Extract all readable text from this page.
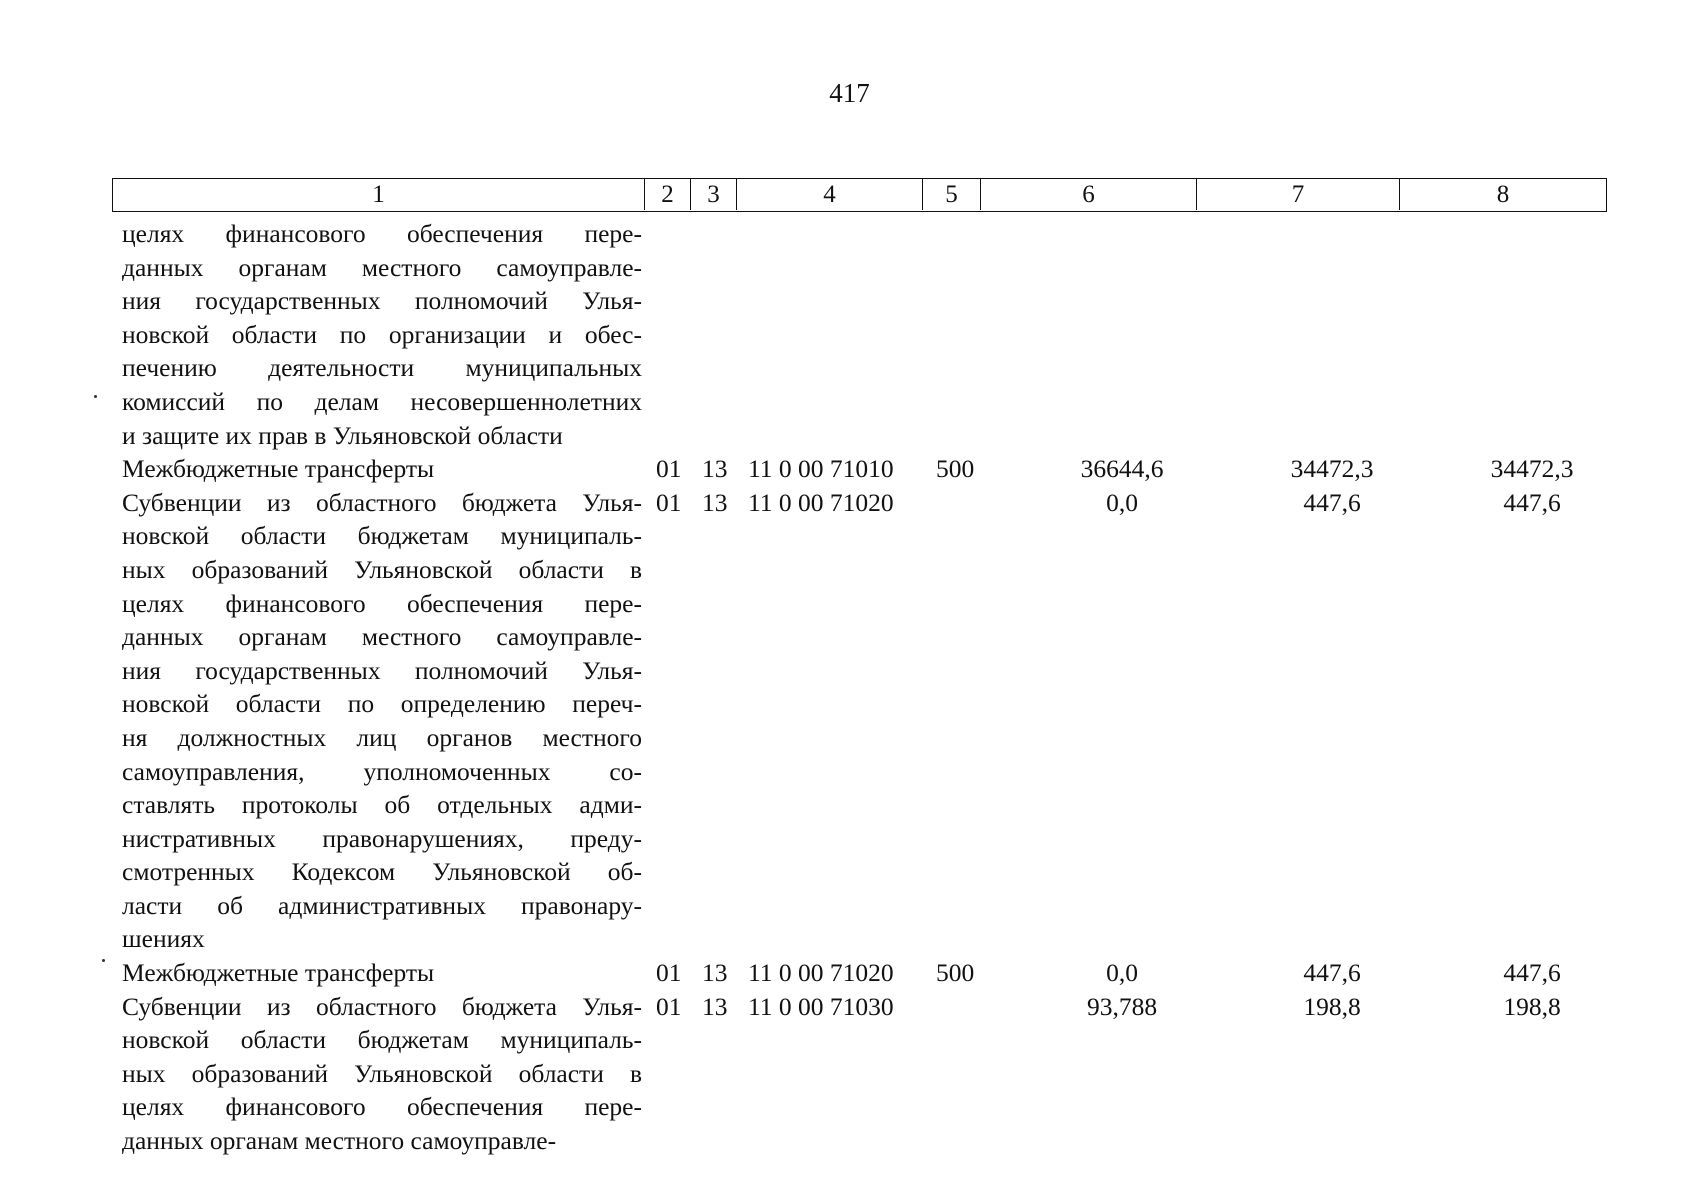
417
1	2	3	4	5	6	7	8
целях финансового обеспечения пере-
данных органам местного самоуправле-
ния государственных полномочий Улья-
новской области по организации и обес-
печению деятельности муниципальных
комиссий по делам несовершеннолетних
и защите их прав в Ульяновской области
Межбюджетные трансферты	01 13 11 0 00 71010 500	36644,6	34472,3	34472,3
Субвенции из областного бюджета Улья-
новской области бюджетам муниципаль-
ных образований Ульяновской области в
целях финансового обеспечения пере-
данных органам местного самоуправле-
ния государственных полномочий Улья-
новской области по определению переч-
ня должностных лиц органов местного
самоуправления, уполномоченных со-
ставлять протоколы об отдельных адми-
нистративных правонарушениях, преду-
смотренных Кодексом Ульяновской об-
ласти об административных правонару-
шениях
01 13 11 0 00 71020	0,0	447,6	447,6
Межбюджетные трансферты	01 13 11 0 00 71020 500	0,0	447,6	447,6
Субвенции из областного бюджета Улья-
новской области бюджетам муниципаль-
ных образований Ульяновской области в
целях финансового обеспечения пере-
данных органам местного самоуправле-
01 13 11 0 00 71030	93,788	198,8	198,8
